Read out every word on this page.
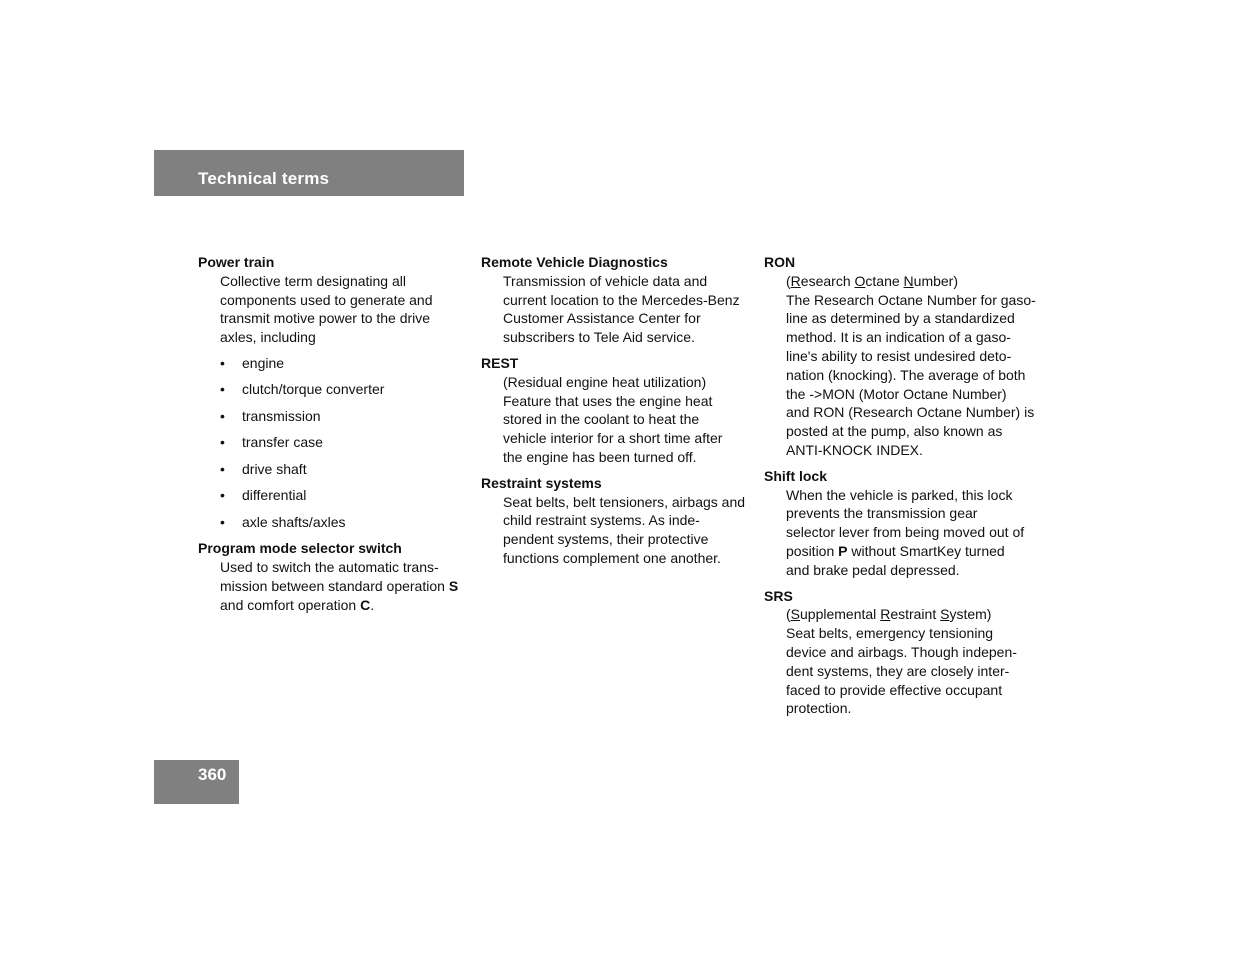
Technical terms
Power train
Collective term designating all
components used to generate and
transmit motive power to the drive
axles, including
• engine
• clutch/torque converter
• transmission
• transfer case
• drive shaft
• differential
• axle shafts/axles
Program mode selector switch
Used to switch the automatic trans-
mission between standard operation S
and comfort operation C.
Remote Vehicle Diagnostics
Transmission of vehicle data and
current location to the Mercedes-Benz
Customer Assistance Center for
subscribers to Tele Aid service.
REST
(Residual engine heat utilization)
Feature that uses the engine heat
stored in the coolant to heat the
vehicle interior for a short time after
the engine has been turned off.
Restraint systems
Seat belts, belt tensioners, airbags and
child restraint systems. As inde-
pendent systems, their protective
functions complement one another.
RON
(Research Octane Number)
The Research Octane Number for gaso-
line as determined by a standardized
method. It is an indication of a gaso-
line's ability to resist undesired deto-
nation (knocking). The average of both
the ->MON (Motor Octane Number)
and RON (Research Octane Number) is
posted at the pump, also known as
ANTI-KNOCK INDEX.
Shift lock
When the vehicle is parked, this lock
prevents the transmission gear
selector lever from being moved out of
position P without SmartKey turned
and brake pedal depressed.
SRS
(Supplemental Restraint System)
Seat belts, emergency tensioning
device and airbags. Though indepen-
dent systems, they are closely inter-
faced to provide effective occupant
protection.
360
